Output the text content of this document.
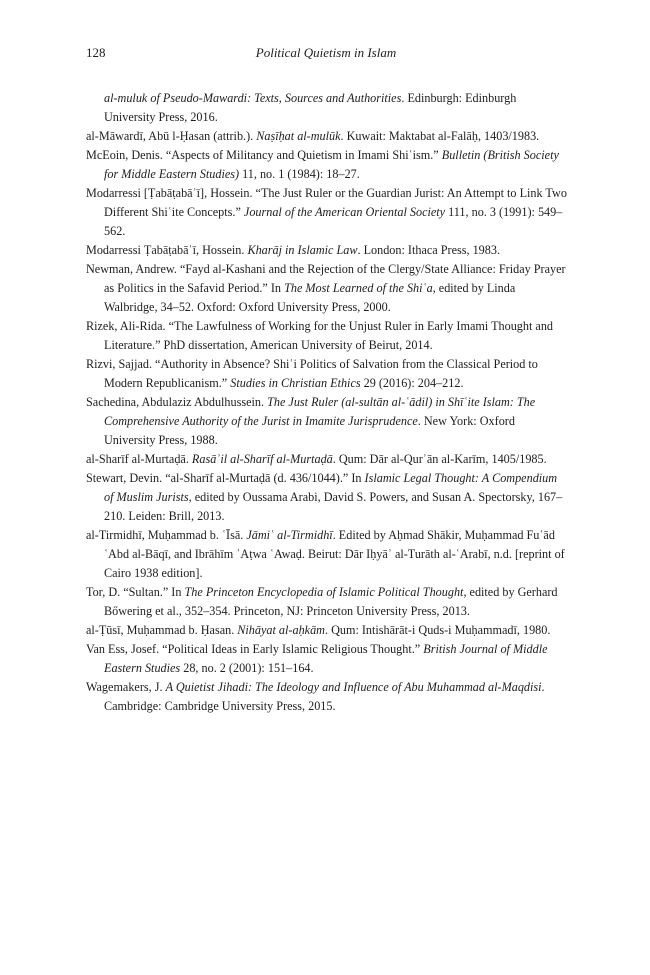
128	Political Quietism in Islam

al-muluk of Pseudo-Mawardi: Texts, Sources and Authorities. Edinburgh: Edinburgh University Press, 2016.

al-Māwardī, Abū l-Ḥasan (attrib.). Naṣīḥat al-mulūk. Kuwait: Maktabat al-Falāḥ, 1403/1983.

McEoin, Denis. “Aspects of Militancy and Quietism in Imami Shiʿism.” Bulletin (British Society for Middle Eastern Studies) 11, no. 1 (1984): 18–27.

Modarressi [Ṭabāṭabāʾī], Hossein. “The Just Ruler or the Guardian Jurist: An Attempt to Link Two Different Shiʿite Concepts.” Journal of the American Oriental Society 111, no. 3 (1991): 549–562.

Modarressi Ṭabāṭabāʾī, Hossein. Kharāj in Islamic Law. London: Ithaca Press, 1983.

Newman, Andrew. “Fayd al-Kashani and the Rejection of the Clergy/State Alliance: Friday Prayer as Politics in the Safavid Period.” In The Most Learned of the Shiʿa, edited by Linda Walbridge, 34–52. Oxford: Oxford University Press, 2000.

Rizek, Ali-Rida. “The Lawfulness of Working for the Unjust Ruler in Early Imami Thought and Literature.” PhD dissertation, American University of Beirut, 2014.

Rizvi, Sajjad. “Authority in Absence? Shiʿi Politics of Salvation from the Classical Period to Modern Republicanism.” Studies in Christian Ethics 29 (2016): 204–212.

Sachedina, Abdulaziz Abdulhussein. The Just Ruler (al-sultān al-ʿādil) in Shīʿite Islam: The Comprehensive Authority of the Jurist in Imamite Jurisprudence. New York: Oxford University Press, 1988.

al-Sharīf al-Murtaḍā. Rasāʾil al-Sharīf al-Murtaḍā. Qum: Dār al-Qurʾān al-Karīm, 1405/1985.

Stewart, Devin. “al-Sharīf al-Murtaḍā (d. 436/1044).” In Islamic Legal Thought: A Compendium of Muslim Jurists, edited by Oussama Arabi, David S. Powers, and Susan A. Spectorsky, 167–210. Leiden: Brill, 2013.

al-Tirmidhī, Muḥammad b. ʿĪsā. Jāmiʿ al-Tirmidhī. Edited by Aḥmad Shākir, Muḥammad Fuʾād ʿAbd al-Bāqī, and Ibrāhīm ʿAṭwa ʿAwaḍ. Beirut: Dār Iḥyāʾ al-Turāth al-ʿArabī, n.d. [reprint of Cairo 1938 edition].

Tor, D. “Sultan.” In The Princeton Encyclopedia of Islamic Political Thought, edited by Gerhard Bőwering et al., 352–354. Princeton, NJ: Princeton University Press, 2013.

al-Ṭūsī, Muḥammad b. Ḥasan. Nihāyat al-aḥkām. Qum: Intishārāt-i Quds-i Muḥammadī, 1980.

Van Ess, Josef. “Political Ideas in Early Islamic Religious Thought.” British Journal of Middle Eastern Studies 28, no. 2 (2001): 151–164.

Wagemakers, J. A Quietist Jihadi: The Ideology and Influence of Abu Muhammad al-Maqdisi. Cambridge: Cambridge University Press, 2015.
